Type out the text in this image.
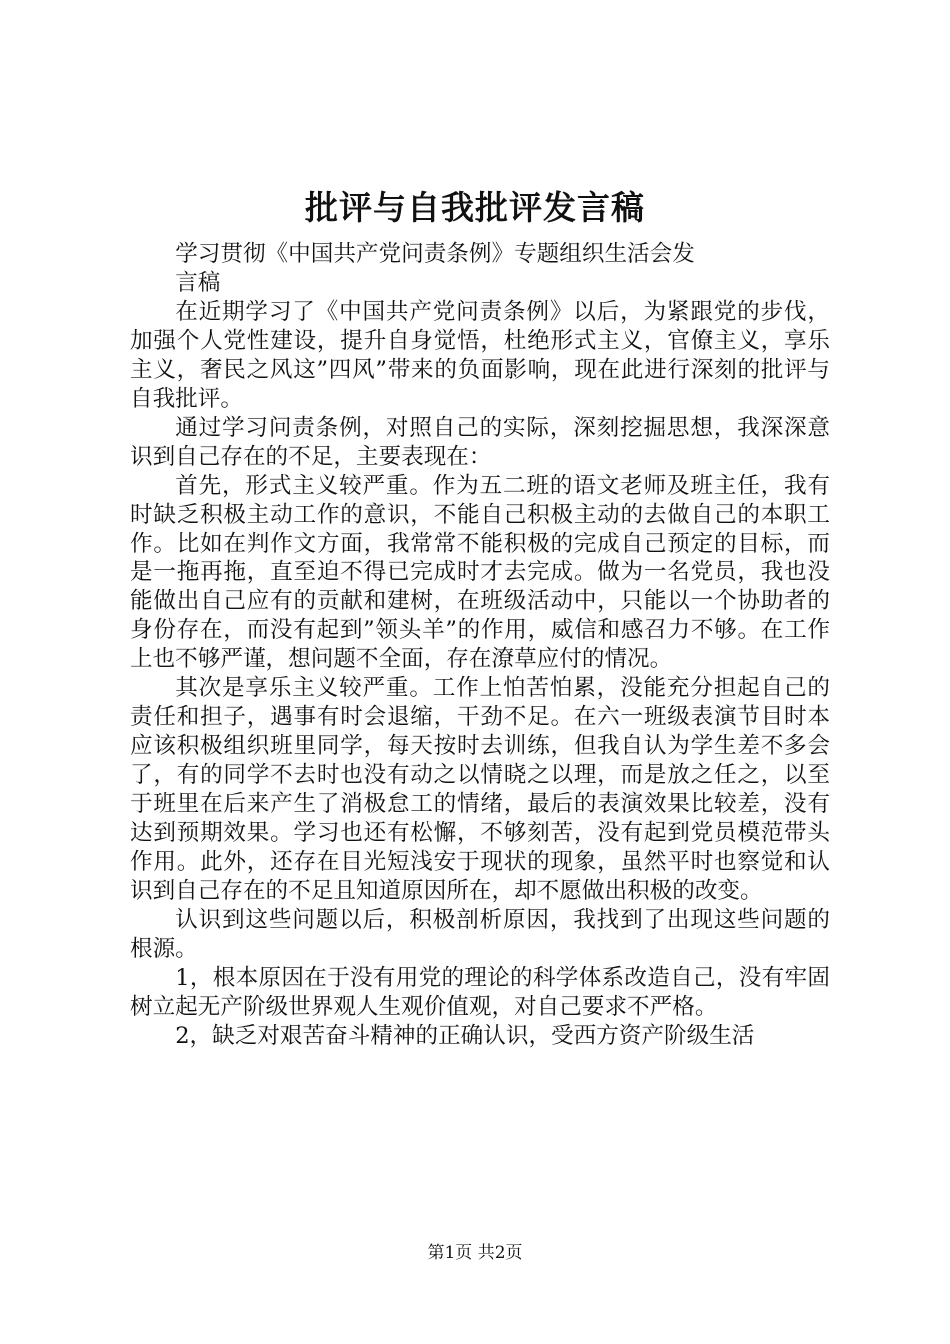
批评与自我批评发言稿

学习贯彻《中国共产党问责条例》专题组织生活会发言稿

在近期学习了《中国共产党问责条例》以后，为紧跟党的步伐，加强个人党性建设，提升自身觉悟，杜绝形式主义，官僚主义，享乐主义，奢民之风这”四风”带来的负面影响，现在此进行深刻的批评与自我批评。

通过学习问责条例，对照自己的实际，深刻挖掘思想，我深深意识到自己存在的不足，主要表现在：

首先，形式主义较严重。作为五二班的语文老师及班主任，我有时缺乏积极主动工作的意识，不能自己积极主动的去做自己的本职工作。比如在判作文方面，我常常不能积极的完成自己预定的目标，而是一拖再拖，直至迫不得已完成时才去完成。做为一名党员，我也没能做出自己应有的贡献和建树，在班级活动中，只能以一个协助者的身份存在，而没有起到”领头羊”的作用，威信和感召力不够。在工作上也不够严谨，想问题不全面，存在潦草应付的情况。

其次是享乐主义较严重。工作上怕苦怕累，没能充分担起自己的责任和担子，遇事有时会退缩，干劲不足。在六一班级表演节目时本应该积极组织班里同学，每天按时去训练，但我自认为学生差不多会了，有的同学不去时也没有动之以情晓之以理，而是放之任之，以至于班里在后来产生了消极怠工的情绪，最后的表演效果比较差，没有达到预期效果。学习也还有松懈，不够刻苦，没有起到党员模范带头作用。此外，还存在目光短浅安于现状的现象，虽然平时也察觉和认识到自己存在的不足且知道原因所在，却不愿做出积极的改变。

认识到这些问题以后，积极剖析原因，我找到了出现这些问题的根源。

1，根本原因在于没有用党的理论的科学体系改造自己，没有牢固树立起无产阶级世界观人生观价值观，对自己要求不严格。

2，缺乏对艰苦奋斗精神的正确认识，受西方资产阶级生活

第1页 共2页
